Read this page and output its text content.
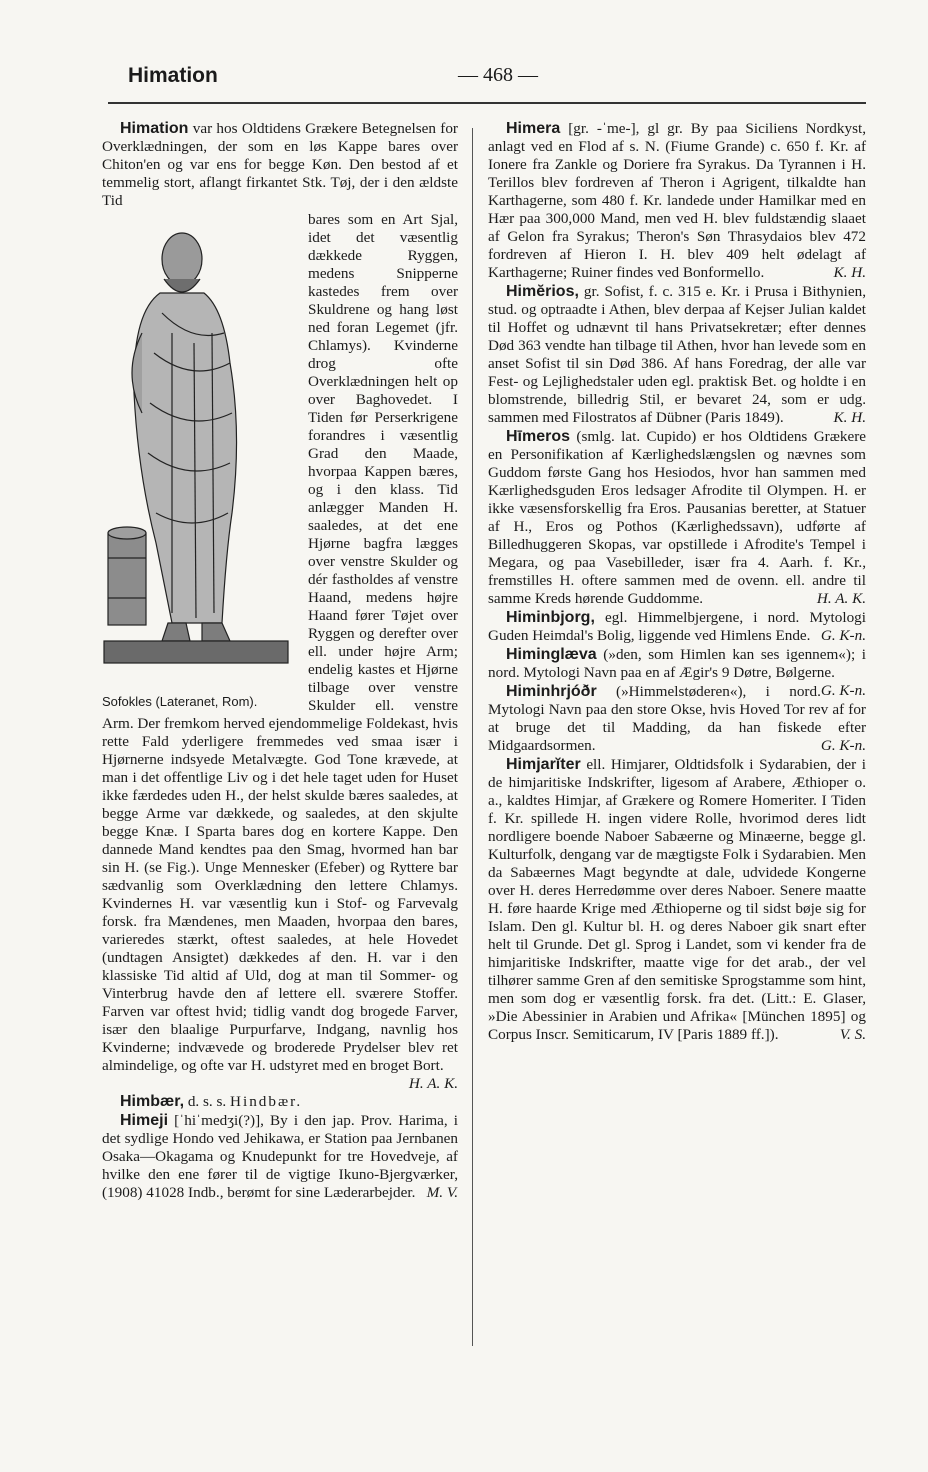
Himation	— 468 —

Himation var hos Oldtidens Grækere Betegnelsen for Overklædningen, der som en løs Kappe bares over Chiton'en og var ens for begge Køn. Den bestod af et temmelig stort, aflangt firkantet Stk. Tøj, der i den ældste Tid

Sofokles (Lateranet, Rom).

bares som en Art Sjal, idet det væsentlig dækkede Ryggen, medens Snipperne kastedes frem over Skuldrene og hang løst ned foran Legemet (jfr. Chlamys). Kvinderne drog ofte Overklædningen helt op over Baghovedet. I Tiden før Perserkrigene forandres i væsentlig Grad den Maade, hvorpaa Kappen bæres, og i den klass. Tid anlægger Manden H. saaledes, at det ene Hjørne bagfra lægges over venstre Skulder og dér fastholdes af venstre Haand, medens højre Haand fører Tøjet over Ryggen og derefter over ell. under højre Arm; endelig kastes et Hjørne tilbage over venstre Skulder ell. venstre Arm. Der fremkom herved ejendommelige Foldekast, hvis rette Fald yderligere fremmedes ved smaa især i Hjørnerne indsyede Metalvægte. God Tone krævede, at man i det offentlige Liv og i det hele taget uden for Huset ikke færdedes uden H., der helst skulde bæres saaledes, at begge Arme var dækkede, og saaledes, at den skjulte begge Knæ. I Sparta bares dog en kortere Kappe. Den dannede Mand kendtes paa den Smag, hvormed han bar sin H. (se Fig.). Unge Mennesker (Efeber) og Ryttere bar sædvanlig som Overklædning den lettere Chlamys. Kvindernes H. var væsentlig kun i Stof- og Farvevalg forsk. fra Mændenes, men Maaden, hvorpaa den bares, varieredes stærkt, oftest saaledes, at hele Hovedet (undtagen Ansigtet) dækkedes af den. H. var i den klassiske Tid altid af Uld, dog at man til Sommer- og Vinterbrug havde den af lettere ell. sværere Stoffer. Farven var oftest hvid; tidlig vandt dog brogede Farver, især den blaalige Purpurfarve, Indgang, navnlig hos Kvinderne; indvævede og broderede Prydelser blev ret almindelige, og ofte var H. udstyret med en broget Bort.
H. A. K.

Himbær, d. s. s. Hindbær.

Himeji [ˈhiˈmedʒi(?)], By i den jap. Prov. Harima, i det sydlige Hondo ved Jehikawa, er Station paa Jernbanen Osaka—Okagama og Knudepunkt for tre Hovedveje, af hvilke den ene fører til de vigtige Ikuno-Bjergværker, (1908) 41028 Indb., berømt for sine Læderarbejder. M. V.

Himera [gr. -ˈme-], gl gr. By paa Siciliens Nordkyst, anlagt ved en Flod af s. N. (Fiume Grande) c. 650 f. Kr. af Ionere fra Zankle og Doriere fra Syrakus. Da Tyrannen i H. Terillos blev fordreven af Theron i Agrigent, tilkaldte han Karthagerne, som 480 f. Kr. landede under Hamilkar med en Hær paa 300,000 Mand, men ved H. blev fuldstændig slaaet af Gelon fra Syrakus; Theron's Søn Thrasydaios blev 472 fordreven af Hieron I. H. blev 409 helt ødelagt af Karthagerne; Ruiner findes ved Bonformello.	K. H.

Himĕrios, gr. Sofist, f. c. 315 e. Kr. i Prusa i Bithynien, stud. og optraadte i Athen, blev derpaa af Kejser Julian kaldet til Hoffet og udnævnt til hans Privatsekretær; efter dennes Død 363 vendte han tilbage til Athen, hvor han levede som en anset Sofist til sin Død 386. Af hans Foredrag, der alle var Fest- og Lejlighedstaler uden egl. praktisk Bet. og holdte i en blomstrende, billedrig Stil, er bevaret 24, som er udg. sammen med Filostratos af Dübner (Paris 1849).	K. H.

Hīmeros (smlg. lat. Cupido) er hos Oldtidens Grækere en Personifikation af Kærlighedslængslen og nævnes som Guddom første Gang hos Hesiodos, hvor han sammen med Kærlighedsguden Eros ledsager Afrodite til Olympen. H. er ikke væsensforskellig fra Eros. Pausanias beretter, at Statuer af H., Eros og Pothos (Kærlighedssavn), udførte af Billedhuggeren Skopas, var opstillede i Afrodite's Tempel i Megara, og paa Vasebilleder, især fra 4. Aarh. f. Kr., fremstilles H. oftere sammen med de ovenn. ell. andre til samme Kreds hørende Guddomme.	H. A. K.

Himinbjorg, egl. Himmelbjergene, i nord. Mytologi Guden Heimdal's Bolig, liggende ved Himlens Ende. G. K-n.

Himinglæva (»den, som Himlen kan ses igennem«); i nord. Mytologi Navn paa en af Ægir's 9 Døtre, Bølgerne.
G. K-n.

Himinhrjóðr (»Himmelstøderen«), i nord. Mytologi Navn paa den store Okse, hvis Hoved Tor rev af for at bruge det til Madding, da han fiskede efter Midgaardsormen.	G. K-n.

Himjarĭter ell. Himjarer, Oldtidsfolk i Sydarabien, der i de himjaritiske Indskrifter, ligesom af Arabere, Æthioper o. a., kaldtes Himjar, af Grækere og Romere Homeriter. I Tiden f. Kr. spillede H. ingen videre Rolle, hvorimod deres lidt nordligere boende Naboer Sabæerne og Minæerne, begge gl. Kulturfolk, dengang var de mægtigste Folk i Sydarabien. Men da Sabæernes Magt begyndte at dale, udvidede Kongerne over H. deres Herredømme over deres Naboer. Senere maatte H. føre haarde Krige med Æthioperne og til sidst bøje sig for Islam. Den gl. Kultur bl. H. og deres Naboer gik snart efter helt til Grunde. Det gl. Sprog i Landet, som vi kender fra de himjaritiske Indskrifter, maatte vige for det arab., der vel tilhører samme Gren af den semitiske Sprogstamme som hint, men som dog er væsentlig forsk. fra det. (Litt.: E. Glaser, »Die Abessinier in Arabien und Afrika« [München 1895] og Corpus Inscr. Semiticarum, IV [Paris 1889 ff.]).	V. S.
